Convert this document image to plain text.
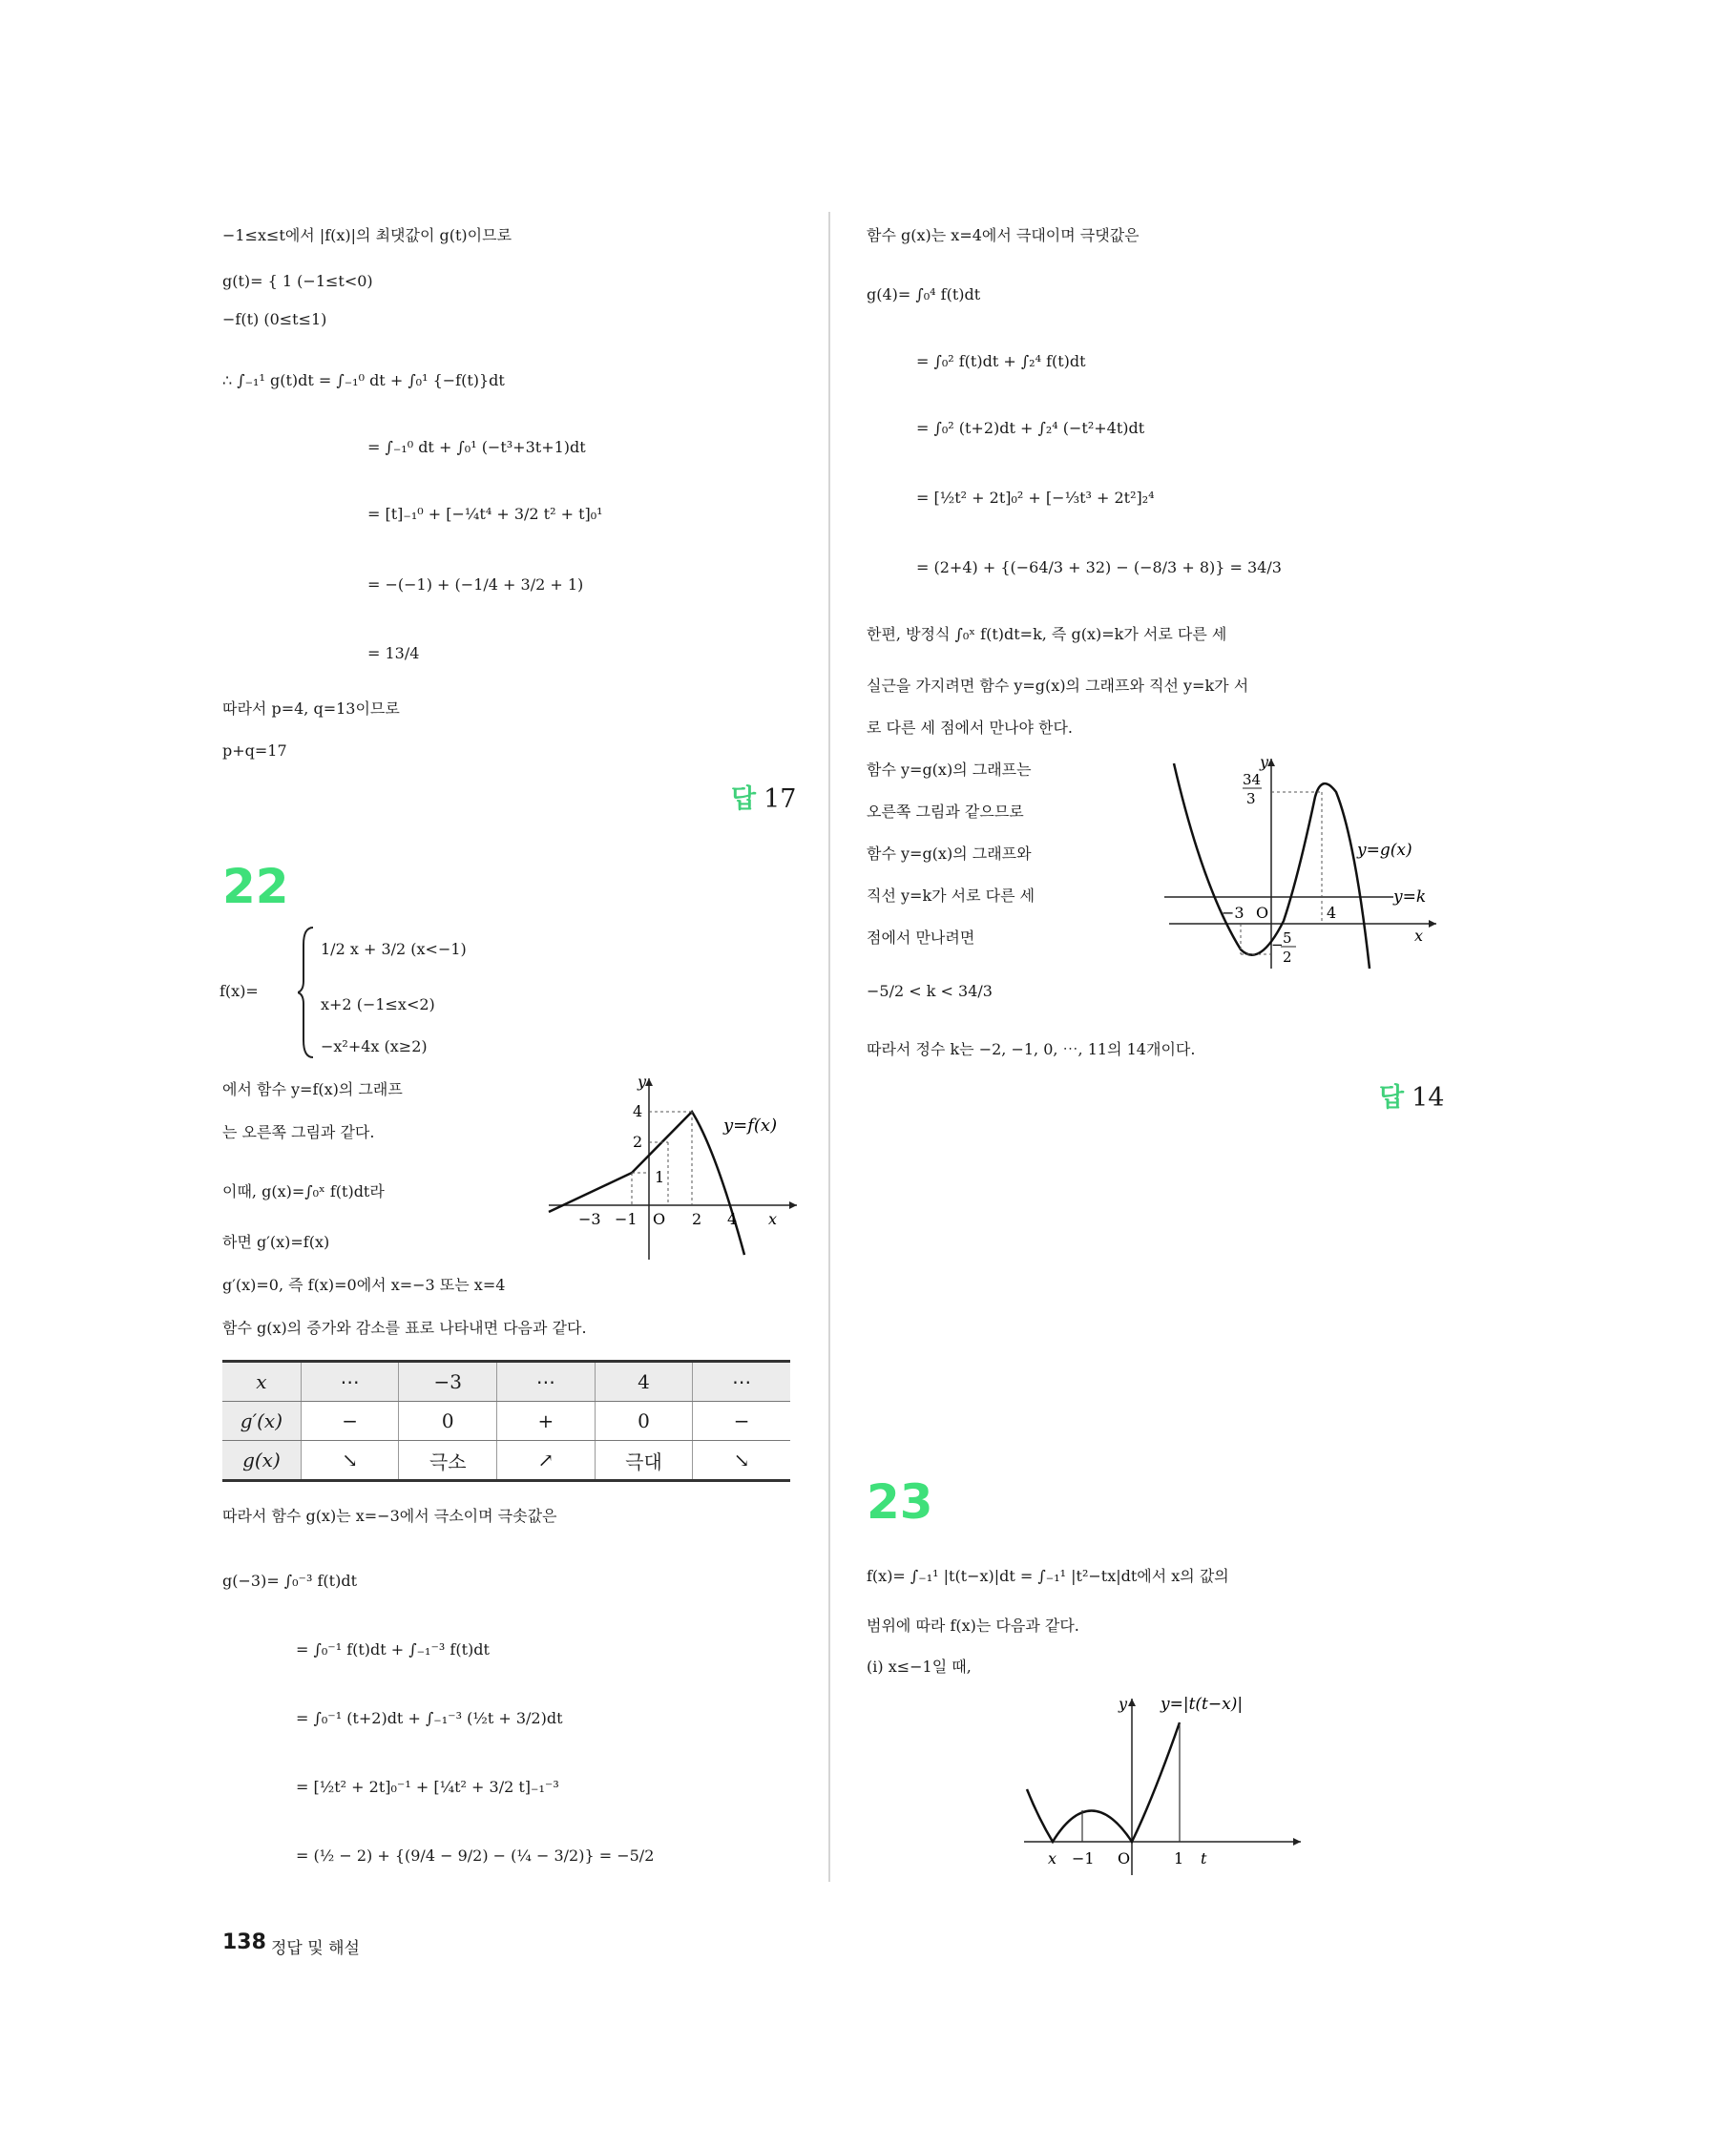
−1≤x≤t에서 |f(x)|의 최댓값이 g(t)이므로
g(t)= { 1 (−1≤t<0)
−f(t) (0≤t≤1)
∴ ∫₋₁¹ g(t)dt = ∫₋₁⁰ dt + ∫₀¹ {−f(t)}dt
= ∫₋₁⁰ dt + ∫₀¹ (−t³+3t+1)dt
= [t]₋₁⁰ + [−¼t⁴ + 3/2 t² + t]₀¹
= −(−1) + (−1/4 + 3/2 + 1)
= 13/4
따라서 p=4, q=13이므로
p+q=17
답 17
22
f(x)=
1/2 x + 3/2 (x<−1)
x+2 (−1≤x<2)
−x²+4x (x≥2)
에서 함수 y=f(x)의 그래프
는 오른쪽 그림과 같다.
이때, g(x)=∫₀ˣ f(t)dt라
하면 g′(x)=f(x)
g′(x)=0, 즉 f(x)=0에서 x=−3 또는 x=4
함수 g(x)의 증가와 감소를 표로 나타내면 다음과 같다.
y
4
2
1
−3 −1 O 2 4 x
y=f(x)
x	⋯	−3	⋯	4	⋯
g′(x)	−	0	+	0	−
g(x)	↘	극소	↗	극대	↘
따라서 함수 g(x)는 x=−3에서 극소이며 극솟값은
g(−3)= ∫₀⁻³ f(t)dt
= ∫₀⁻¹ f(t)dt + ∫₋₁⁻³ f(t)dt
= ∫₀⁻¹ (t+2)dt + ∫₋₁⁻³ (½t + 3/2)dt
= [½t² + 2t]₀⁻¹ + [¼t² + 3/2 t]₋₁⁻³
= (½ − 2) + {(9/4 − 9/2) − (¼ − 3/2)} = −5/2
함수 g(x)는 x=4에서 극대이며 극댓값은
g(4)= ∫₀⁴ f(t)dt
= ∫₀² f(t)dt + ∫₂⁴ f(t)dt
= ∫₀² (t+2)dt + ∫₂⁴ (−t²+4t)dt
= [½t² + 2t]₀² + [−⅓t³ + 2t²]₂⁴
= (2+4) + {(−64/3 + 32) − (−8/3 + 8)} = 34/3
한편, 방정식 ∫₀ˣ f(t)dt=k, 즉 g(x)=k가 서로 다른 세
실근을 가지려면 함수 y=g(x)의 그래프와 직선 y=k가 서
로 다른 세 점에서 만나야 한다.
함수 y=g(x)의 그래프는
오른쪽 그림과 같으므로
함수 y=g(x)의 그래프와
직선 y=k가 서로 다른 세
점에서 만나려면
−5/2 < k < 34/3
따라서 정수 k는 −2, −1, 0, ⋯, 11의 14개이다.
y
34
3
−3 O	4
− 5
2
x
y=g(x)
y=k
답 14
23
f(x)= ∫₋₁¹ |t(t−x)|dt = ∫₋₁¹ |t²−tx|dt에서 x의 값의
범위에 따라 f(x)는 다음과 같다.
(i) x≤−1일 때,
y y=|t(t−x)|
x −1 O	1 t
138 정답 및 해설
